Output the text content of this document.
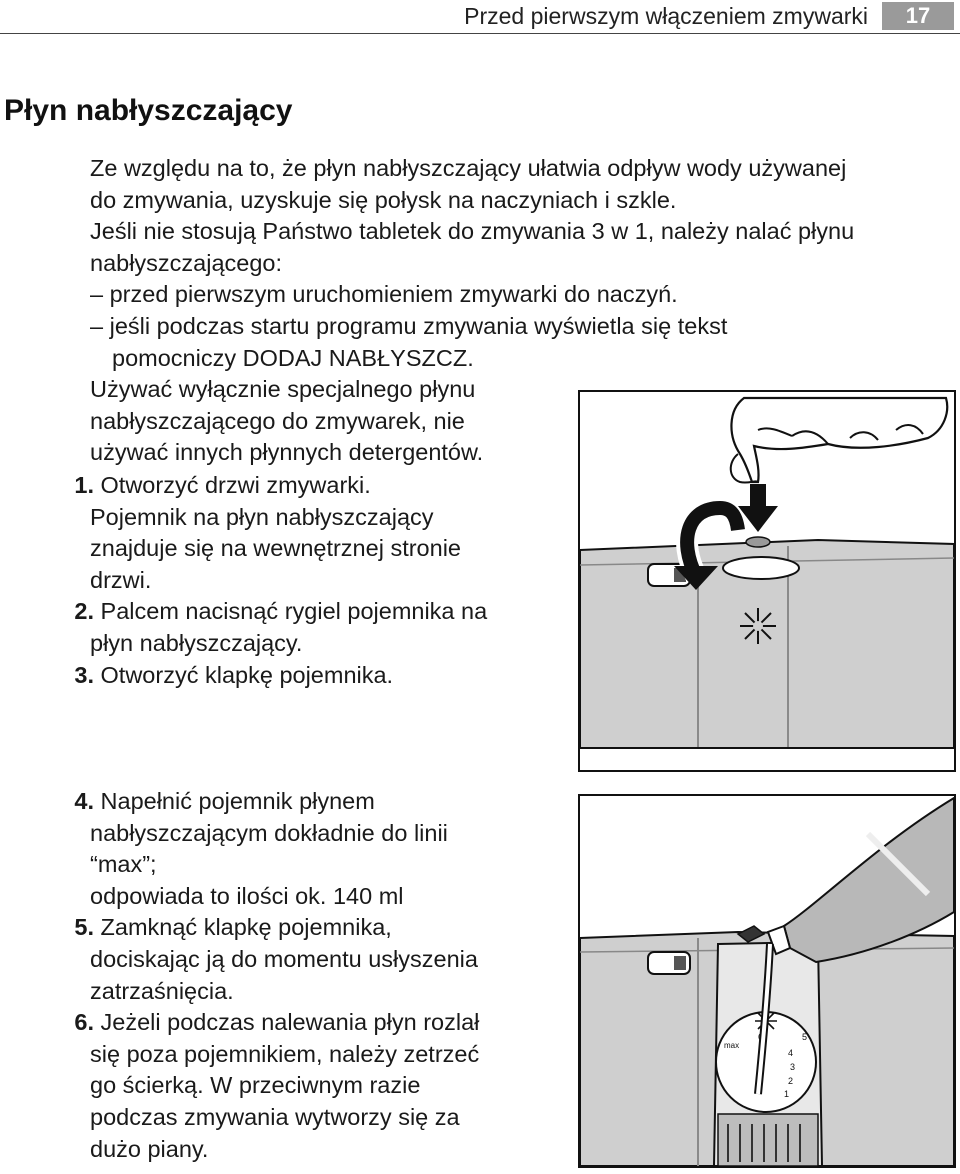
Przed pierwszym włączeniem zmywarki	17
Płyn nabłyszczający
Ze względu na to, że płyn nabłyszczający ułatwia odpływ wody używanej
do zmywania, uzyskuje się połysk na naczyniach i szkle.
Jeśli nie stosują Państwo tabletek do zmywania 3 w 1, należy nalać płynu
nabłyszczającego:
– przed pierwszym uruchomieniem zmywarki do naczyń.
– jeśli podczas startu programu zmywania wyświetla się tekst
pomocniczy DODAJ NABŁYSZCZ.
Używać wyłącznie specjalnego płynu
nabłyszczającego do zmywarek, nie
używać innych płynnych detergentów.
1. Otworzyć drzwi zmywarki.
Pojemnik na płyn nabłyszczający
znajduje się na wewnętrznej stronie
drzwi.
2. Palcem nacisnąć rygiel pojemnika na
płyn nabłyszczający.
3. Otworzyć klapkę pojemnika.
4. Napełnić pojemnik płynem
nabłyszczającym dokładnie do linii
“max”;
odpowiada to ilości ok. 140 ml
5. Zamknąć klapkę pojemnika,
dociskając ją do momentu usłyszenia
zatrzaśnięcia.
6. Jeżeli podczas nalewania płyn rozlał
się poza pojemnikiem, należy zetrzeć
go ścierką. W przeciwnym razie
podczas zmywania wytworzy się za
dużo piany.
max
6	5
4
3
2
1
